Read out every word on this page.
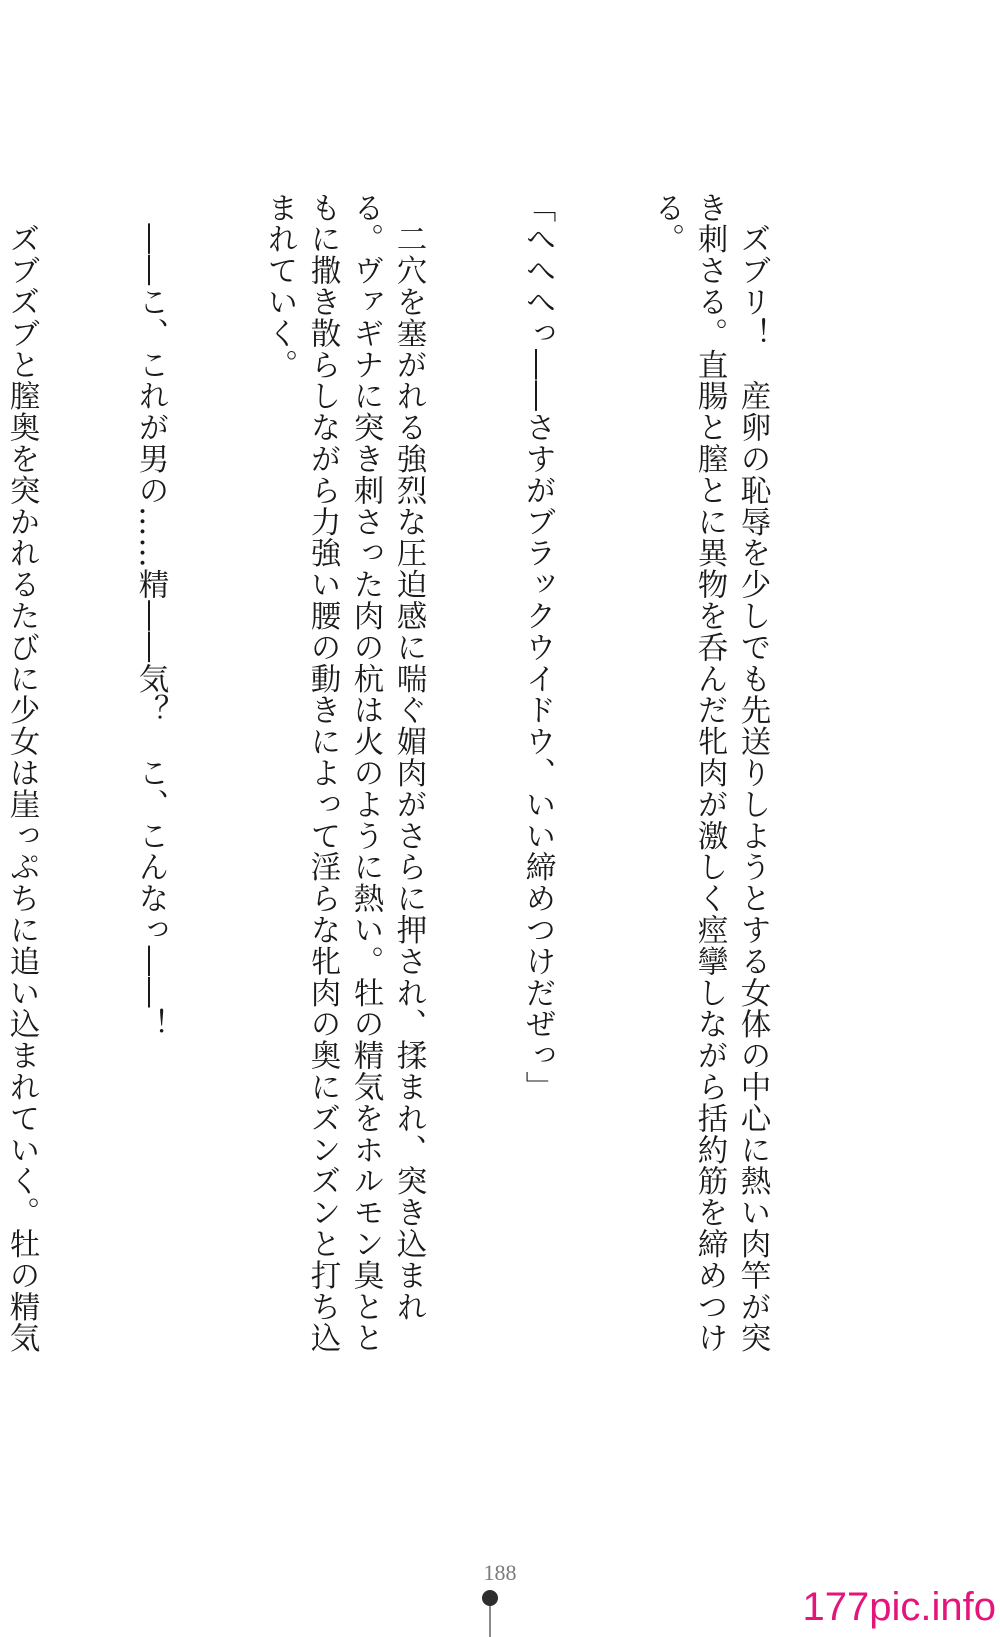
　ズブリ！　産卵の恥辱を少しでも先送りしようとする女体の中心に熱い肉竿が突き刺さる。直腸と膣とに異物を呑んだ牝肉が激しく痙攣しながら括約筋を締めつける。

「へへへっ――さすがブラックウイドウ、いい締めつけだぜっ」

　二穴を塞がれる強烈な圧迫感に喘ぐ媚肉がさらに押され、揉まれ、突き込まれる。ヴァギナに突き刺さった肉の杭は火のように熱い。牡の精気をホルモン臭とともに撒き散らしながら力強い腰の動きによって淫らな牝肉の奥にズンズンと打ち込まれていく。

　――こ、これが男の……精――気？　こ、こんなっ――！

　ズブズブと膣奥を突かれるたびに少女は崖っぷちに追い込まれていく。牡の精気

188
177pic.info
